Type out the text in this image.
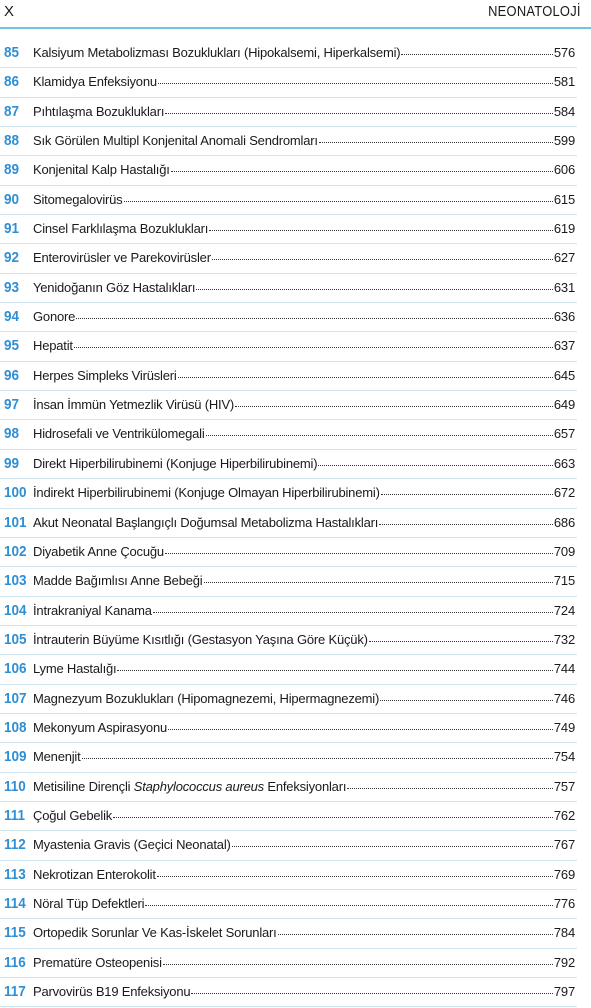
X	NEONATOLOJİ
85 Kalsiyum Metabolizması Bozuklukları (Hipokalsemi, Hiperkalsemi)	576
86 Klamidya Enfeksiyonu	581
87 Pıhtılaşma Bozuklukları	584
88 Sık Görülen Multipl Konjenital Anomali Sendromları	599
89 Konjenital Kalp Hastalığı	606
90 Sitomegalovirüs	615
91 Cinsel Farklılaşma Bozuklukları	619
92 Enterovirüsler ve Parekovirüsler	627
93 Yenidoğanın Göz Hastalıkları	631
94 Gonore	636
95 Hepatit	637
96 Herpes Simpleks Virüsleri	645
97 İnsan İmmün Yetmezlik Virüsü (HIV)	649
98 Hidrosefali ve Ventrikülomegali	657
99 Direkt Hiperbilirubinemi (Konjuge Hiperbilirubinemi)	663
100 İndirekt Hiperbilirubinemi (Konjuge Olmayan Hiperbilirubinemi)	672
101 Akut Neonatal Başlangıçlı Doğumsal Metabolizma Hastalıkları	686
102 Diyabetik Anne Çocuğu	709
103 Madde Bağımlısı Anne Bebeği	715
104 İntrakraniyal Kanama	724
105 İntrauterin Büyüme Kısıtlığı (Gestasyon Yaşına Göre Küçük)	732
106 Lyme Hastalığı	744
107 Magnezyum Bozuklukları (Hipomagnezemi, Hipermagnezemi)	746
108 Mekonyum Aspirasyonu	749
109 Menenjit	754
110 Metisiline Dirençli Staphylococcus aureus Enfeksiyonları	757
111 Çoğul Gebelik	762
112 Myastenia Gravis (Geçici Neonatal)	767
113 Nekrotizan Enterokolit	769
114 Nöral Tüp Defektleri	776
115 Ortopedik Sorunlar Ve Kas-İskelet Sorunları	784
116 Prematüre Osteopenisi	792
117 Parvovirüs B19 Enfeksiyonu	797
